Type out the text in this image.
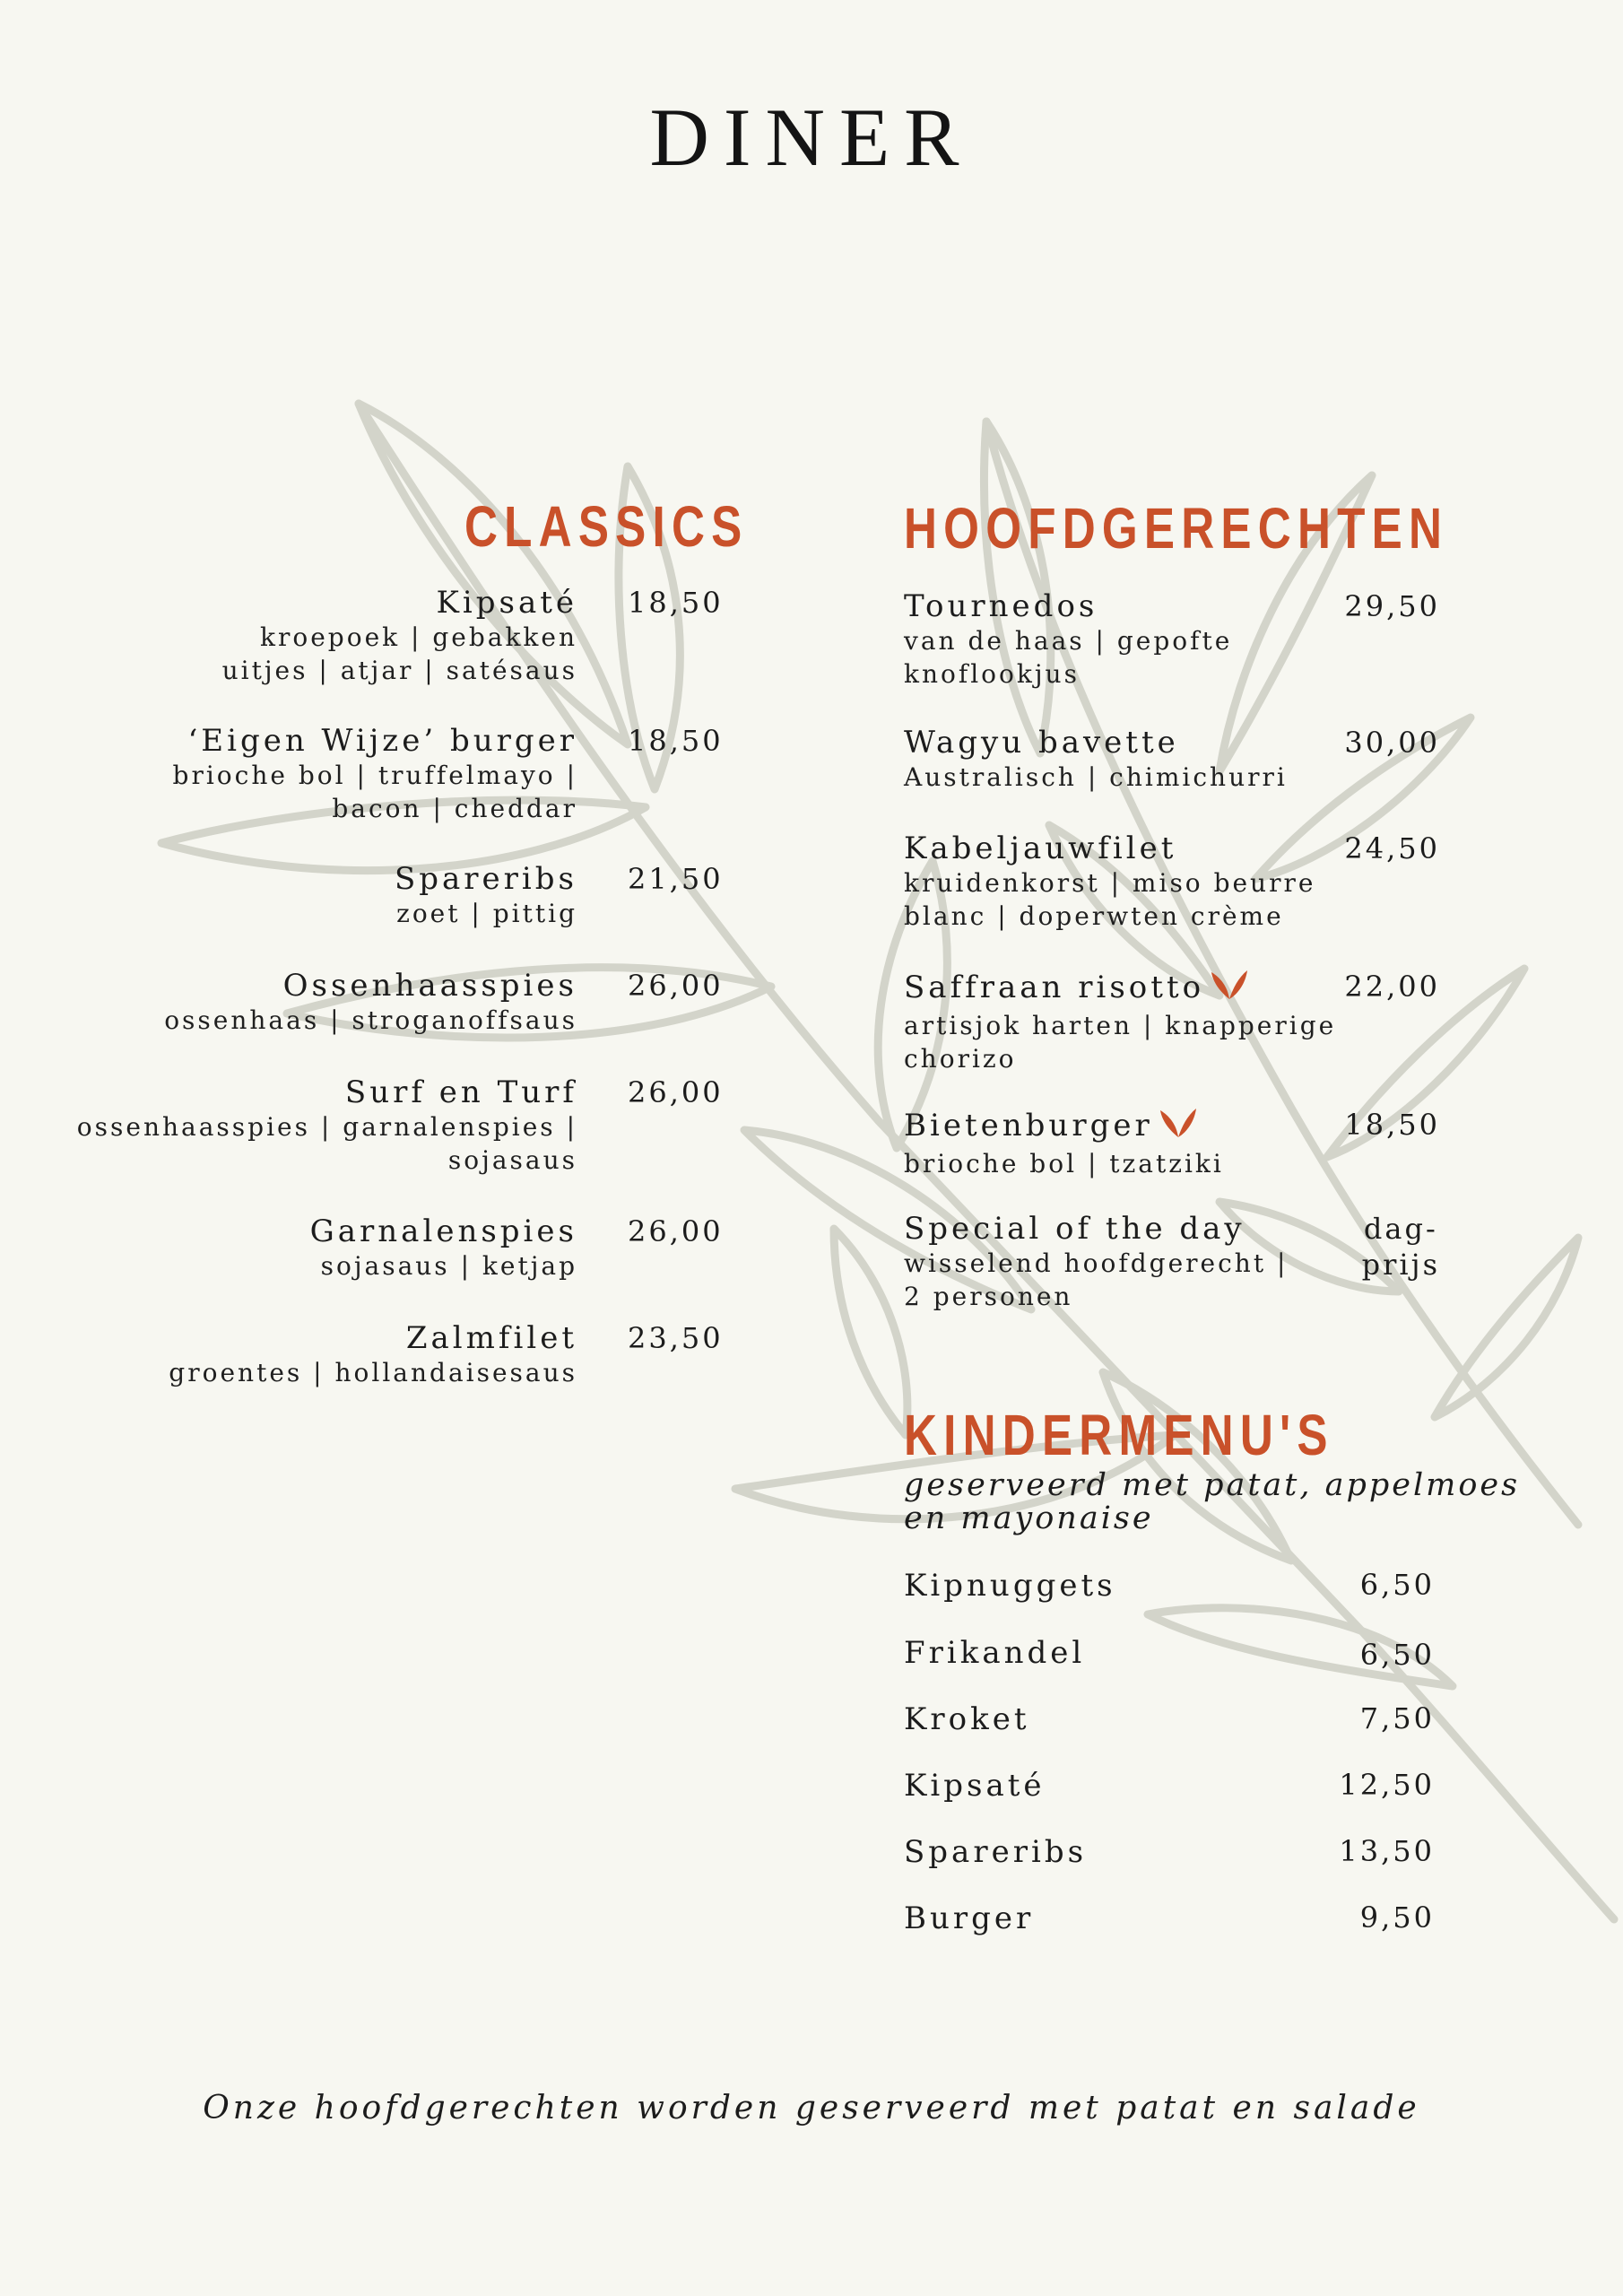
DINER
CLASSICS
Kipsaté
kroepoek | gebakken
uitjes | atjar | satésaus
18,50
‘Eigen Wijze’ burger
brioche bol | truffelmayo |
bacon | cheddar
18,50
Spareribs
zoet | pittig
21,50
Ossenhaasspies
ossenhaas | stroganoffsaus
26,00
Surf en Turf
ossenhaasspies | garnalenspies |
sojasaus
26,00
Garnalenspies
sojasaus | ketjap
26,00
Zalmfilet
groentes | hollandaisesaus
23,50
HOOFDGERECHTEN
Tournedos
van de haas | gepofte
knoflookjus
29,50
Wagyu bavette
Australisch | chimichurri
30,00
Kabeljauwfilet
kruidenkorst | miso beurre
blanc | doperwten crème
24,50
Saffraan risotto
artisjok harten | knapperige
chorizo
22,00
Bietenburger
brioche bol | tzatziki
18,50
Special of the day
wisselend hoofdgerecht |
2 personen
dag-
prijs
KINDERMENU'S
geserveerd met patat, appelmoes
en mayonaise
Kipnuggets	6,50
Frikandel	6,50
Kroket	7,50
Kipsaté	12,50
Spareribs	13,50
Burger	9,50
Onze hoofdgerechten worden geserveerd met patat en salade
